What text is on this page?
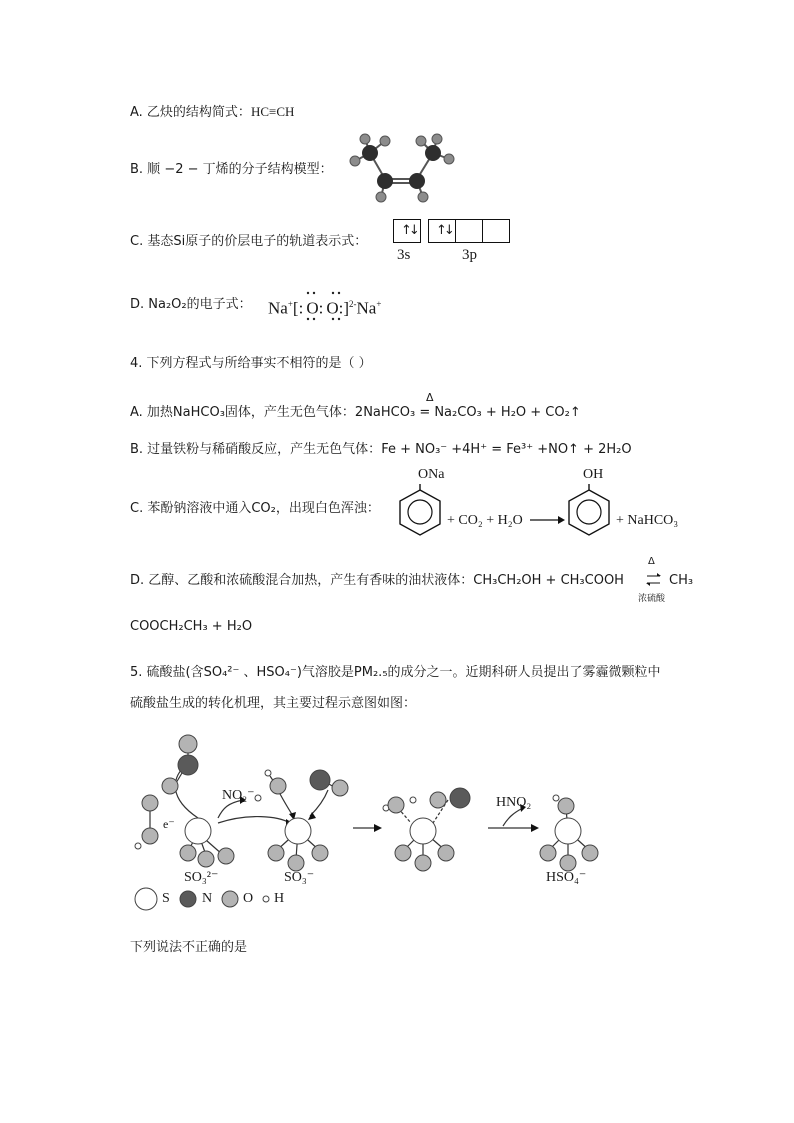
A. 乙炔的结构简式：HC≡CH
B. 顺 −2 − 丁烯的分子结构模型：
C. 基态Si原子的价层电子的轨道表示式：
↑↓ ↑↓
3s	3p
D. Na₂O₂的电子式： Na+[:O:O:]$^{2-}$Na+
4. 下列方程式与所给事实不相符的是（ ）
A. 加热NaHCO₃固体，产生无色气体：2NaHCO₃ = Na₂CO₃ + H₂O + CO₂↑
Δ
B. 过量铁粉与稀硝酸反应，产生无色气体：Fe + NO₃⁻ +4H⁺ = Fe³⁺ +NO↑ + 2H₂O
C. 苯酚钠溶液中通入CO₂，出现白色浑浊：
ONa
+ CO₂ + H₂O →
OH
+ NaHCO₃
D. 乙醇、乙酸和浓硫酸混合加热，产生有香味的油状液体：CH₃CH₂OH + CH₃COOH
Δ
浓硫酸
CH₃
COOCH₂CH₃ + H₂O
5. 硫酸盐(含SO₄²⁻ 、HSO₄⁻)气溶胶是PM₂.₅的成分之一。近期科研人员提出了雾霾微颗粒中
硫酸盐生成的转化机理，其主要过程示意图如图：
e⁻
NO₂⁻
SO₃²⁻	SO₃⁻
HNO₂
HSO₄⁻
S N O H
下列说法不正确的是
